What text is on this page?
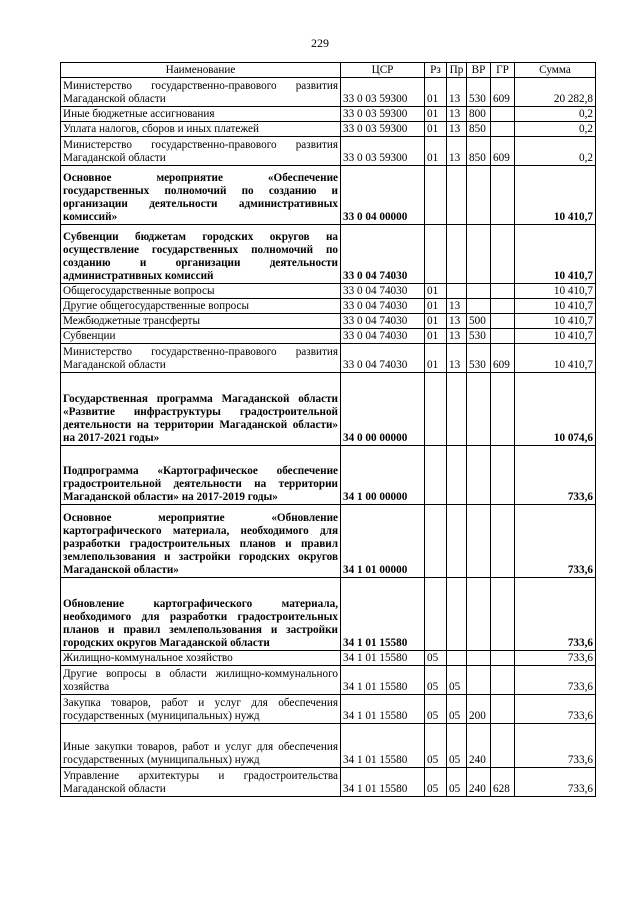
229
Наименование	ЦСР	Рз	Пр	ВР	ГР	Сумма
Министерство государственно-правового развития Магаданской области	33 0 03 59300	01	13	530	609	20 282,8
Иные бюджетные ассигнования	33 0 03 59300	01	13	800		0,2
Уплата налогов, сборов и иных платежей	33 0 03 59300	01	13	850		0,2
Министерство государственно-правового развития Магаданской области	33 0 03 59300	01	13	850	609	0,2
Основное мероприятие «Обеспечение государственных полномочий по созданию и организации деятельности административных комиссий»	33 0 04 00000					10 410,7
Субвенции бюджетам городских округов на осуществление государственных полномочий по созданию и организации деятельности административных комиссий	33 0 04 74030					10 410,7
Общегосударственные вопросы	33 0 04 74030	01				10 410,7
Другие общегосударственные вопросы	33 0 04 74030	01	13			10 410,7
Межбюджетные трансферты	33 0 04 74030	01	13	500		10 410,7
Субвенции	33 0 04 74030	01	13	530		10 410,7
Министерство государственно-правового развития Магаданской области	33 0 04 74030	01	13	530	609	10 410,7
Государственная программа Магаданской области «Развитие инфраструктуры градостроительной деятельности на территории Магаданской области» на 2017-2021 годы»	34 0 00 00000					10 074,6
Подпрограмма «Картографическое обеспечение градостроительной деятельности на территории Магаданской области» на 2017-2019 годы»	34 1 00 00000					733,6
Основное мероприятие «Обновление картографического материала, необходимого для разработки градостроительных планов и правил землепользования и застройки городских округов Магаданской области»	34 1 01 00000					733,6
Обновление картографического материала, необходимого для разработки градостроительных планов и правил землепользования и застройки городских округов Магаданской области	34 1 01 15580					733,6
Жилищно-коммунальное хозяйство	34 1 01 15580	05				733,6
Другие вопросы в области жилищно-коммунального хозяйства	34 1 01 15580	05	05			733,6
Закупка товаров, работ и услуг для обеспечения государственных (муниципальных) нужд	34 1 01 15580	05	05	200		733,6
Иные закупки товаров, работ и услуг для обеспечения государственных (муниципальных) нужд	34 1 01 15580	05	05	240		733,6
Управление архитектуры и градостроительства Магаданской области	34 1 01 15580	05	05	240	628	733,6
